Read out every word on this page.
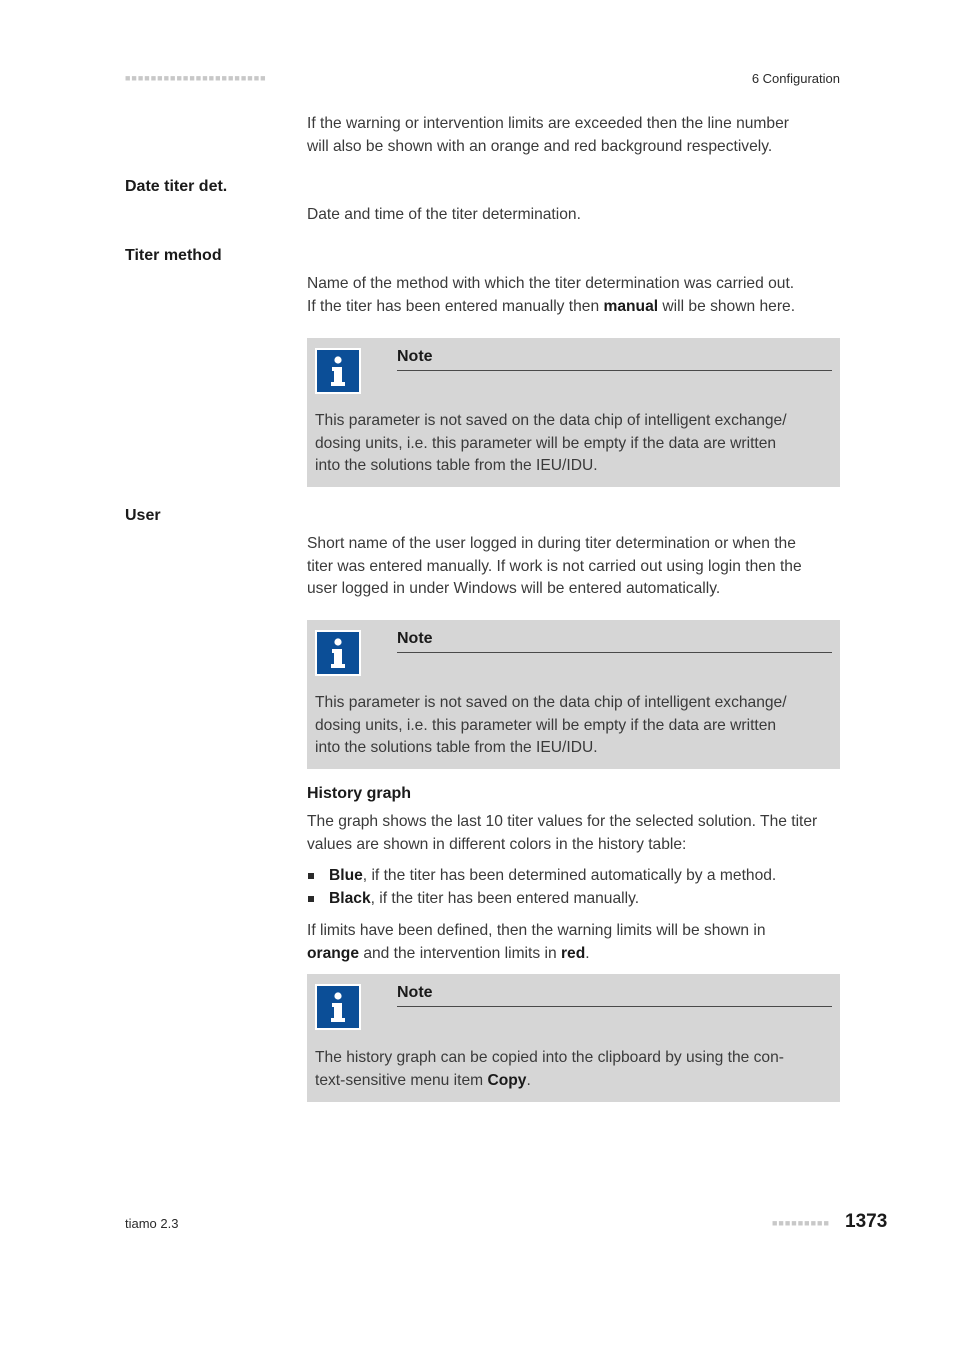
■■■■■■■■■■■■■■■■■■■■■■	6 Configuration
If the warning or intervention limits are exceeded then the line number
will also be shown with an orange and red background respectively.
Date titer det.
Date and time of the titer determination.
Titer method
Name of the method with which the titer determination was carried out.
If the titer has been entered manually then manual will be shown here.
Note
This parameter is not saved on the data chip of intelligent exchange/
dosing units, i.e. this parameter will be empty if the data are written
into the solutions table from the IEU/IDU.
User
Short name of the user logged in during titer determination or when the
titer was entered manually. If work is not carried out using login then the
user logged in under Windows will be entered automatically.
Note
This parameter is not saved on the data chip of intelligent exchange/
dosing units, i.e. this parameter will be empty if the data are written
into the solutions table from the IEU/IDU.
History graph
The graph shows the last 10 titer values for the selected solution. The titer
values are shown in different colors in the history table:
Blue, if the titer has been determined automatically by a method.
Black, if the titer has been entered manually.
If limits have been defined, then the warning limits will be shown in
orange and the intervention limits in red.
Note
The history graph can be copied into the clipboard by using the con-
text-sensitive menu item Copy.
tiamo 2.3	■■■■■■■■■ 1373
